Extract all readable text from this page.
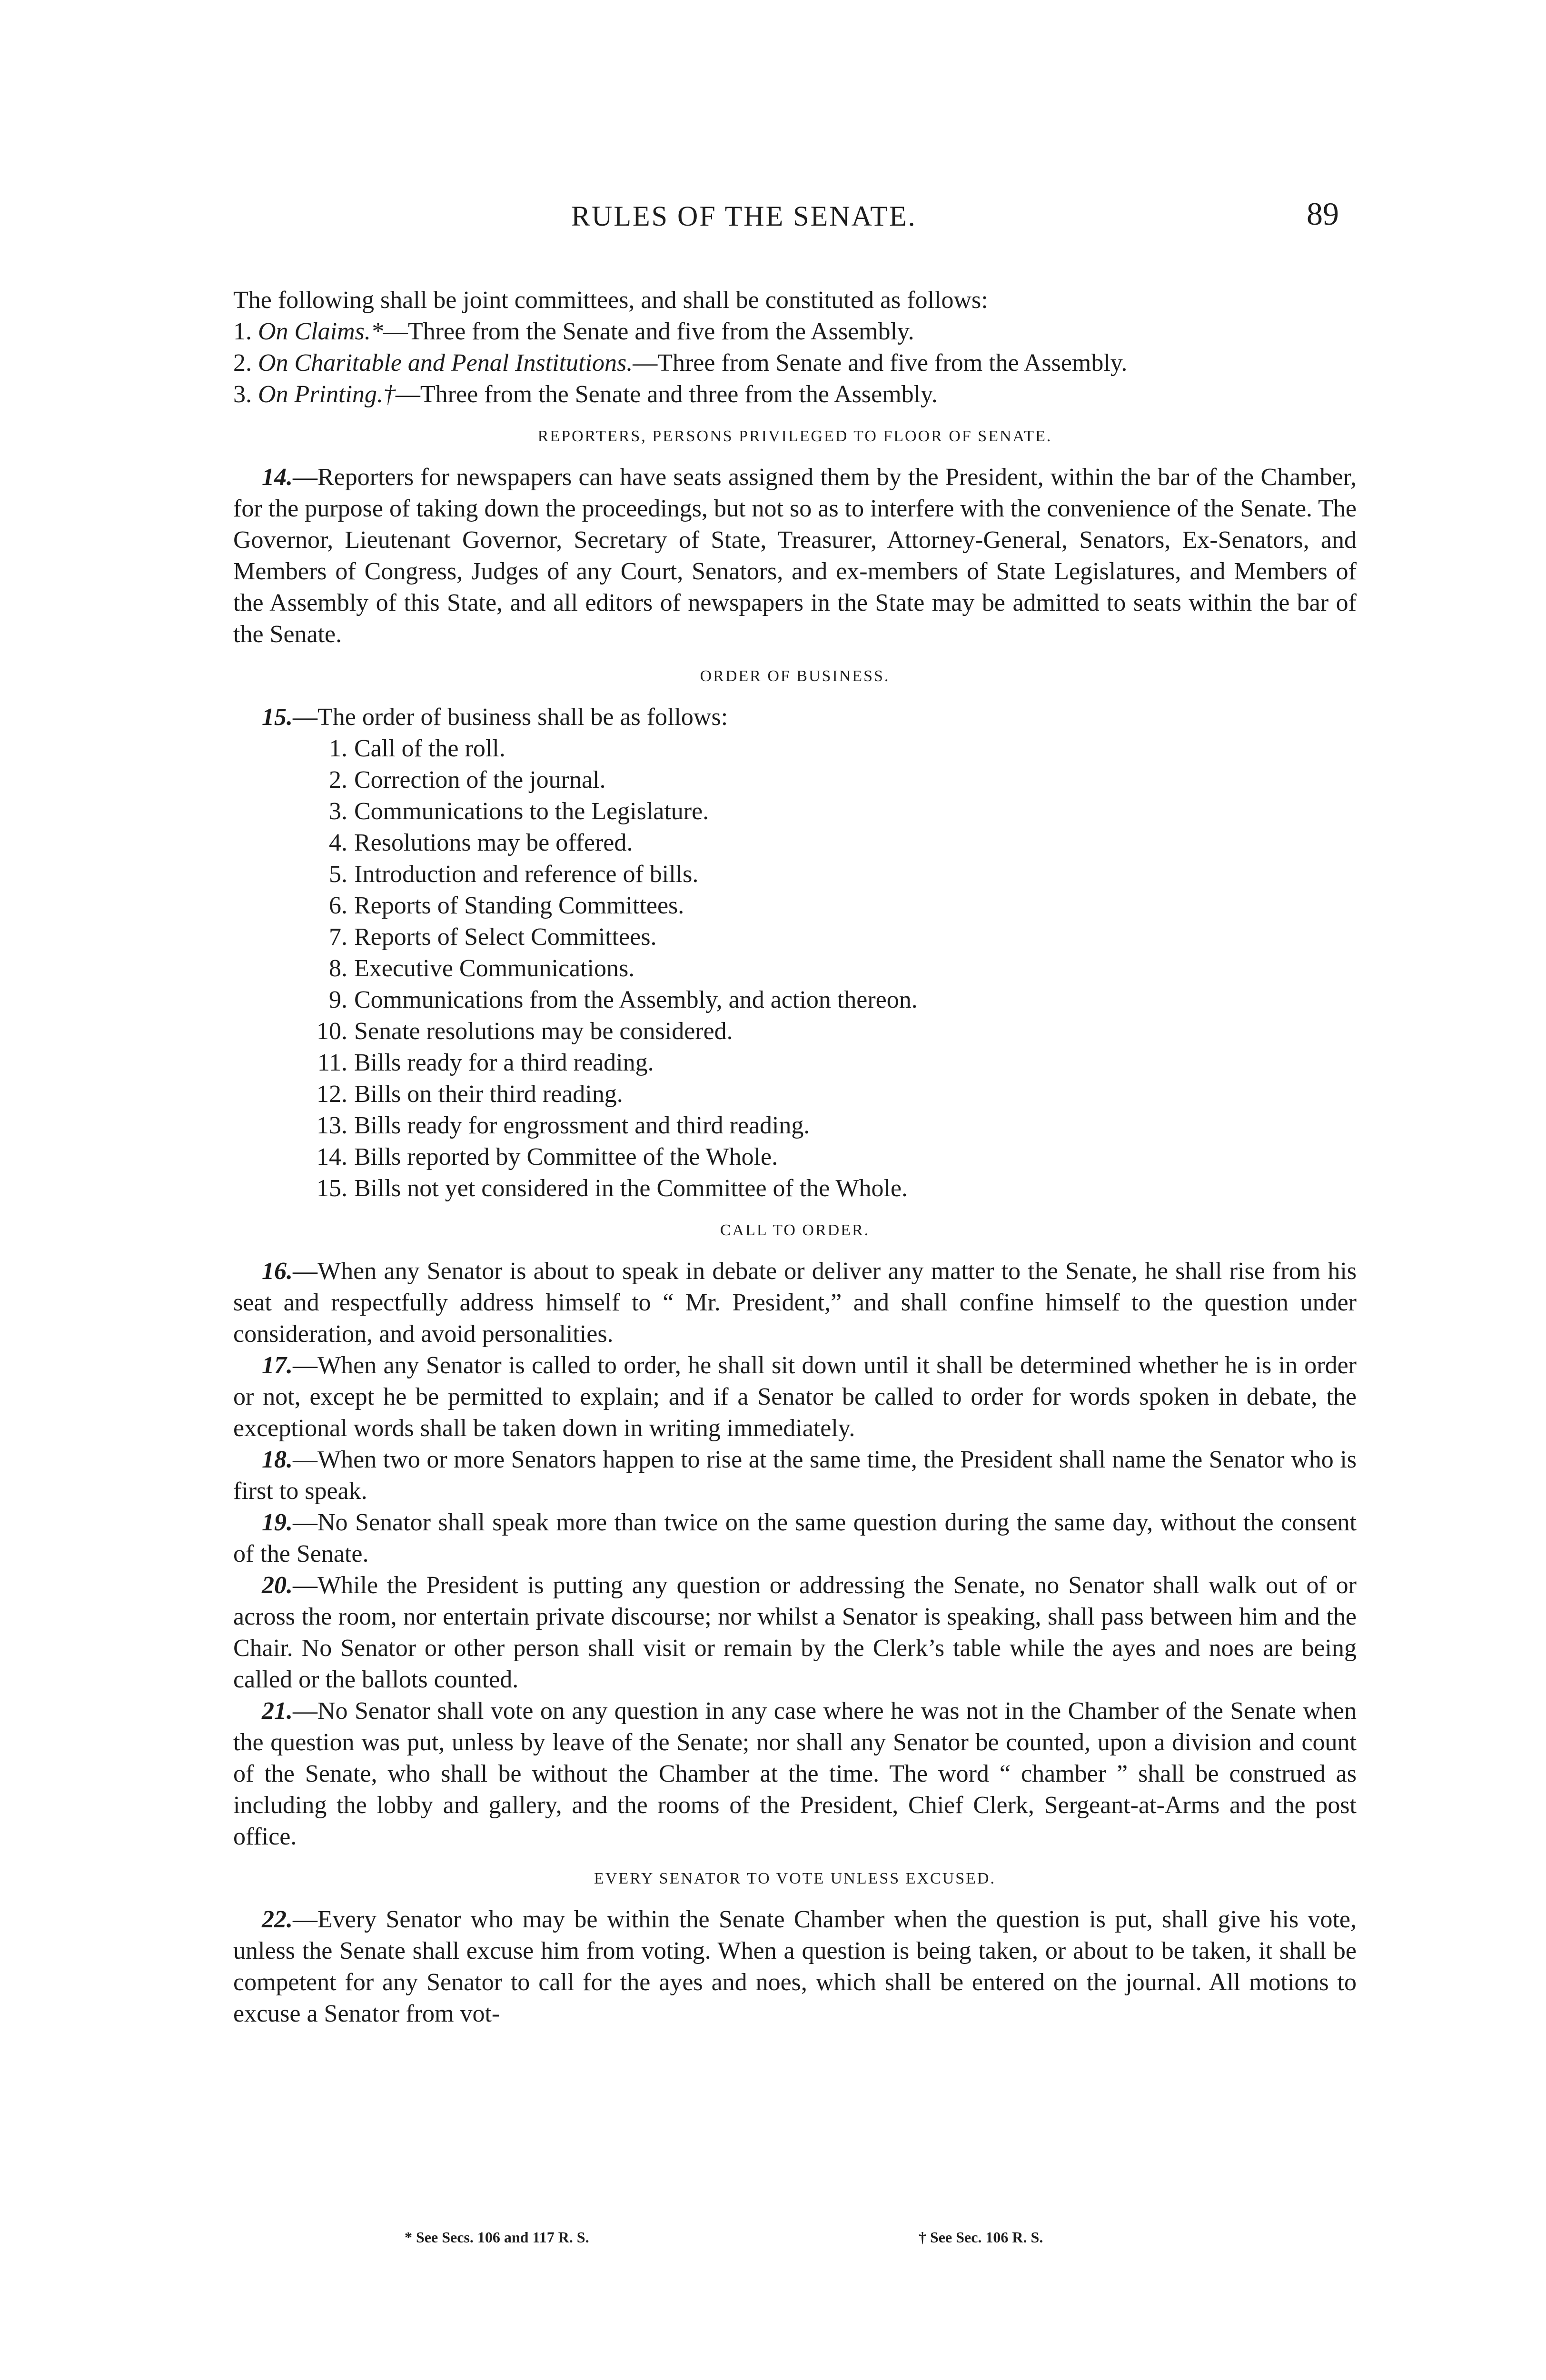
RULES OF THE SENATE.	89

The following shall be joint committees, and shall be constituted as follows:

1. On Claims.*—Three from the Senate and five from the Assembly.

2. On Charitable and Penal Institutions.—Three from Senate and five from the Assembly.

3. On Printing.†—Three from the Senate and three from the Assembly.

REPORTERS, PERSONS PRIVILEGED TO FLOOR OF SENATE.

14.—Reporters for newspapers can have seats assigned them by the President, within the bar of the Chamber, for the purpose of taking down the proceedings, but not so as to interfere with the convenience of the Senate. The Governor, Lieutenant Governor, Secretary of State, Treasurer, Attorney-General, Senators, Ex-Senators, and Members of Congress, Judges of any Court, Senators, and ex-members of State Legislatures, and Members of the Assembly of this State, and all editors of newspapers in the State may be admitted to seats within the bar of the Senate.

ORDER OF BUSINESS.

15.—The order of business shall be as follows:

1. Call of the roll.
2. Correction of the journal.
3. Communications to the Legislature.
4. Resolutions may be offered.
5. Introduction and reference of bills.
6. Reports of Standing Committees.
7. Reports of Select Committees.
8. Executive Communications.
9. Communications from the Assembly, and action thereon.
10. Senate resolutions may be considered.
11. Bills ready for a third reading.
12. Bills on their third reading.
13. Bills ready for engrossment and third reading.
14. Bills reported by Committee of the Whole.
15. Bills not yet considered in the Committee of the Whole.
CALL TO ORDER.

16.—When any Senator is about to speak in debate or deliver any matter to the Senate, he shall rise from his seat and respectfully address himself to “ Mr. President,” and shall confine himself to the question under consideration, and avoid personalities.

17.—When any Senator is called to order, he shall sit down until it shall be determined whether he is in order or not, except he be permitted to explain; and if a Senator be called to order for words spoken in debate, the exceptional words shall be taken down in writing immediately.

18.—When two or more Senators happen to rise at the same time, the President shall name the Senator who is first to speak.

19.—No Senator shall speak more than twice on the same question during the same day, without the consent of the Senate.

20.—While the President is putting any question or addressing the Senate, no Senator shall walk out of or across the room, nor entertain private discourse; nor whilst a Senator is speaking, shall pass between him and the Chair. No Senator or other person shall visit or remain by the Clerk’s table while the ayes and noes are being called or the ballots counted.

21.—No Senator shall vote on any question in any case where he was not in the Chamber of the Senate when the question was put, unless by leave of the Senate; nor shall any Senator be counted, upon a division and count of the Senate, who shall be without the Chamber at the time. The word “ chamber ” shall be construed as including the lobby and gallery, and the rooms of the President, Chief Clerk, Sergeant-at-Arms and the post office.

EVERY SENATOR TO VOTE UNLESS EXCUSED.

22.—Every Senator who may be within the Senate Chamber when the question is put, shall give his vote, unless the Senate shall excuse him from voting. When a question is being taken, or about to be taken, it shall be competent for any Senator to call for the ayes and noes, which shall be entered on the journal. All motions to excuse a Senator from vot-

* See Secs. 106 and 117 R. S.	† See Sec. 106 R. S.
